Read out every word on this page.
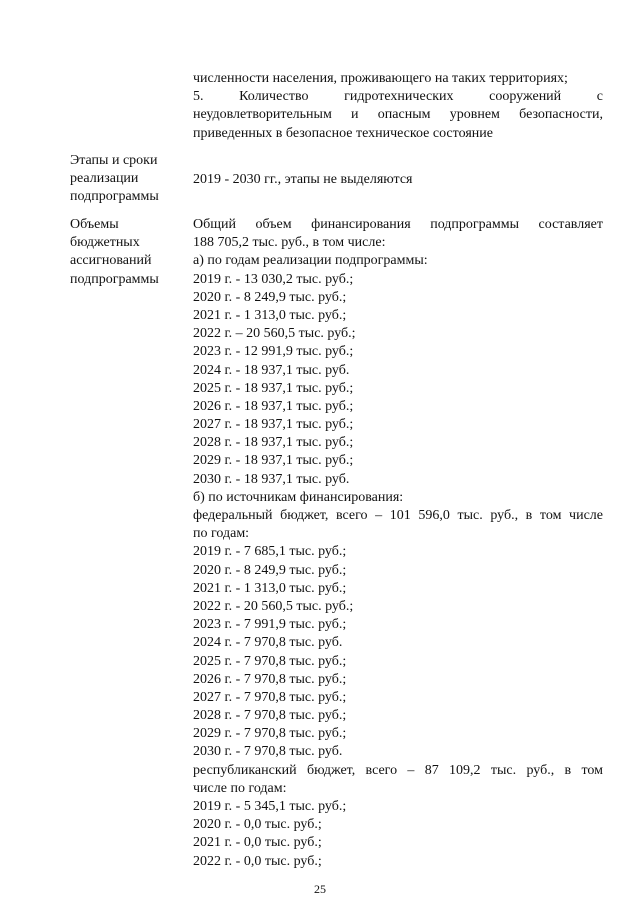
численности населения, проживающего на таких территориях;
5. Количество гидротехнических сооружений с
неудовлетворительным и опасным уровнем безопасности,
приведенных в безопасное техническое состояние
Этапы и сроки
реализации
подпрограммы
2019 - 2030 гг., этапы не выделяются
Объемы
бюджетных
ассигнований
подпрограммы
Общий объем финансирования подпрограммы составляет
188 705,2 тыс. руб., в том числе:
а) по годам реализации подпрограммы:
2019 г. - 13 030,2 тыс. руб.;
2020 г. - 8 249,9 тыс. руб.;
2021 г. - 1 313,0 тыс. руб.;
2022 г. – 20 560,5 тыс. руб.;
2023 г. - 12 991,9 тыс. руб.;
2024 г. - 18 937,1 тыс. руб.
2025 г. - 18 937,1 тыс. руб.;
2026 г. - 18 937,1 тыс. руб.;
2027 г. - 18 937,1 тыс. руб.;
2028 г. - 18 937,1 тыс. руб.;
2029 г. - 18 937,1 тыс. руб.;
2030 г. - 18 937,1 тыс. руб.
б) по источникам финансирования:
федеральный бюджет, всего – 101 596,0 тыс. руб., в том числе
по годам:
2019 г. - 7 685,1 тыс. руб.;
2020 г. - 8 249,9 тыс. руб.;
2021 г. - 1 313,0 тыс. руб.;
2022 г. - 20 560,5 тыс. руб.;
2023 г. - 7 991,9 тыс. руб.;
2024 г. - 7 970,8 тыс. руб.
2025 г. - 7 970,8 тыс. руб.;
2026 г. - 7 970,8 тыс. руб.;
2027 г. - 7 970,8 тыс. руб.;
2028 г. - 7 970,8 тыс. руб.;
2029 г. - 7 970,8 тыс. руб.;
2030 г. - 7 970,8 тыс. руб.
республиканский бюджет, всего – 87 109,2 тыс. руб., в том
числе по годам:
2019 г. - 5 345,1 тыс. руб.;
2020 г. - 0,0 тыс. руб.;
2021 г. - 0,0 тыс. руб.;
2022 г. - 0,0 тыс. руб.;
25
